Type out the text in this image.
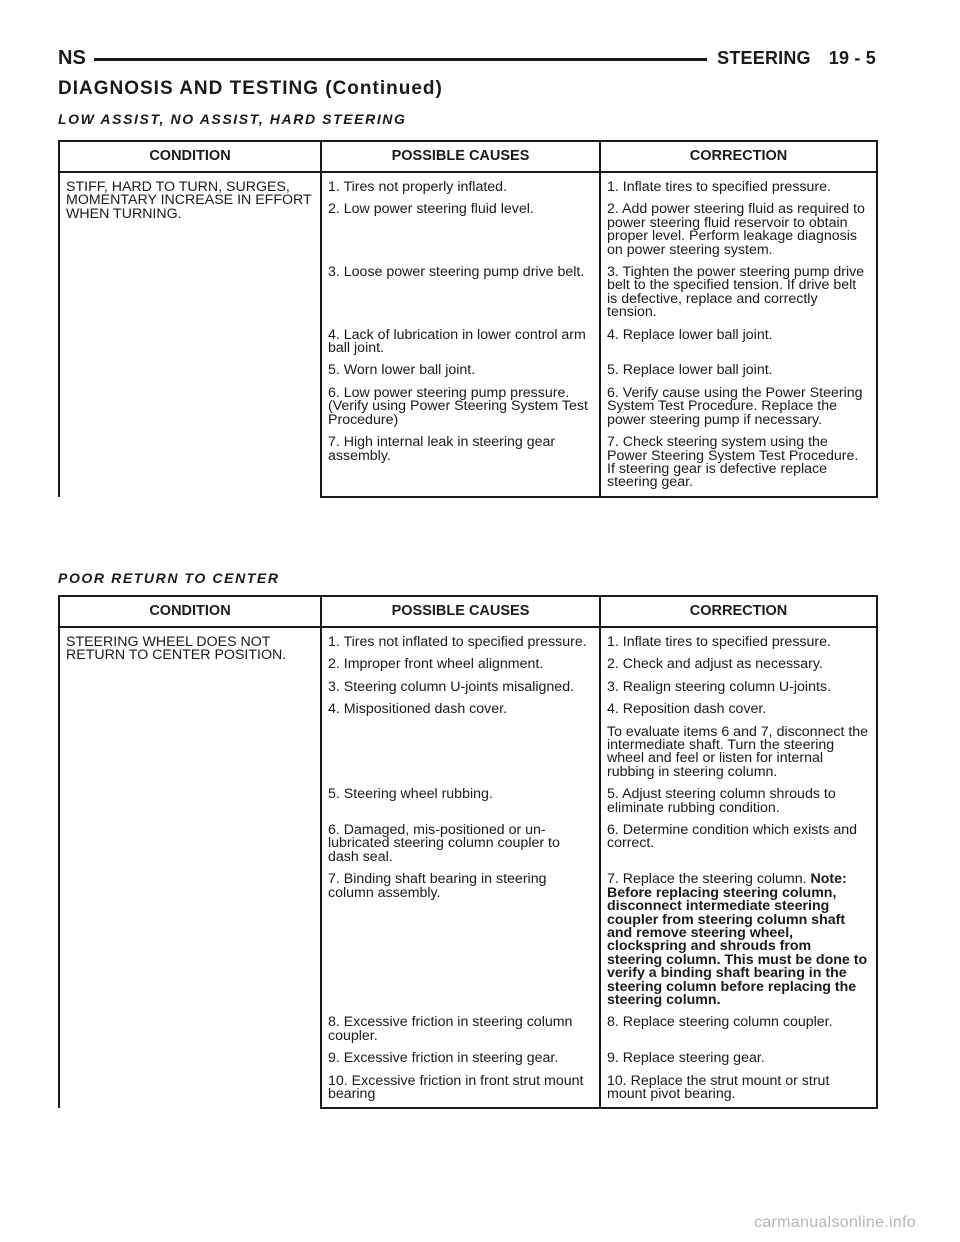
NS	STEERING 19 - 5
DIAGNOSIS AND TESTING (Continued)
LOW ASSIST, NO ASSIST, HARD STEERING
CONDITION	POSSIBLE CAUSES	CORRECTION
STIFF, HARD TO TURN, SURGES, MOMENTARY INCREASE IN EFFORT WHEN TURNING.	1. Tires not properly inflated.	1. Inflate tires to specified pressure.
	2. Low power steering fluid level.	2. Add power steering fluid as required to power steering fluid reservoir to obtain proper level. Perform leakage diagnosis on power steering system.
	3. Loose power steering pump drive belt.	3. Tighten the power steering pump drive belt to the specified tension. If drive belt is defective, replace and correctly tension.
	4. Lack of lubrication in lower control arm ball joint.	4. Replace lower ball joint.
	5. Worn lower ball joint.	5. Replace lower ball joint.
	6. Low power steering pump pressure. (Verify using Power Steering System Test Procedure)	6. Verify cause using the Power Steering System Test Procedure. Replace the power steering pump if necessary.
	7. High internal leak in steering gear assembly.	7. Check steering system using the Power Steering System Test Procedure. If steering gear is defective replace steering gear.
POOR RETURN TO CENTER
CONDITION	POSSIBLE CAUSES	CORRECTION
STEERING WHEEL DOES NOT RETURN TO CENTER POSITION.	1. Tires not inflated to specified pressure.	1. Inflate tires to specified pressure.
	2. Improper front wheel alignment.	2. Check and adjust as necessary.
	3. Steering column U-joints misaligned.	3. Realign steering column U-joints.
	4. Mispositioned dash cover.	4. Reposition dash cover.
		To evaluate items 6 and 7, disconnect the intermediate shaft. Turn the steering wheel and feel or listen for internal rubbing in steering column.
	5. Steering wheel rubbing.	5. Adjust steering column shrouds to eliminate rubbing condition.
	6. Damaged, mis-positioned or un-lubricated steering column coupler to dash seal.	6. Determine condition which exists and correct.
	7. Binding shaft bearing in steering column assembly.	7. Replace the steering column. Note: Before replacing steering column, disconnect intermediate steering coupler from steering column shaft and remove steering wheel, clockspring and shrouds from steering column. This must be done to verify a binding shaft bearing in the steering column before replacing the steering column.
	8. Excessive friction in steering column coupler.	8. Replace steering column coupler.
	9. Excessive friction in steering gear.	9. Replace steering gear.
	10. Excessive friction in front strut mount bearing	10. Replace the strut mount or strut mount pivot bearing.
carmanualsonline.info
